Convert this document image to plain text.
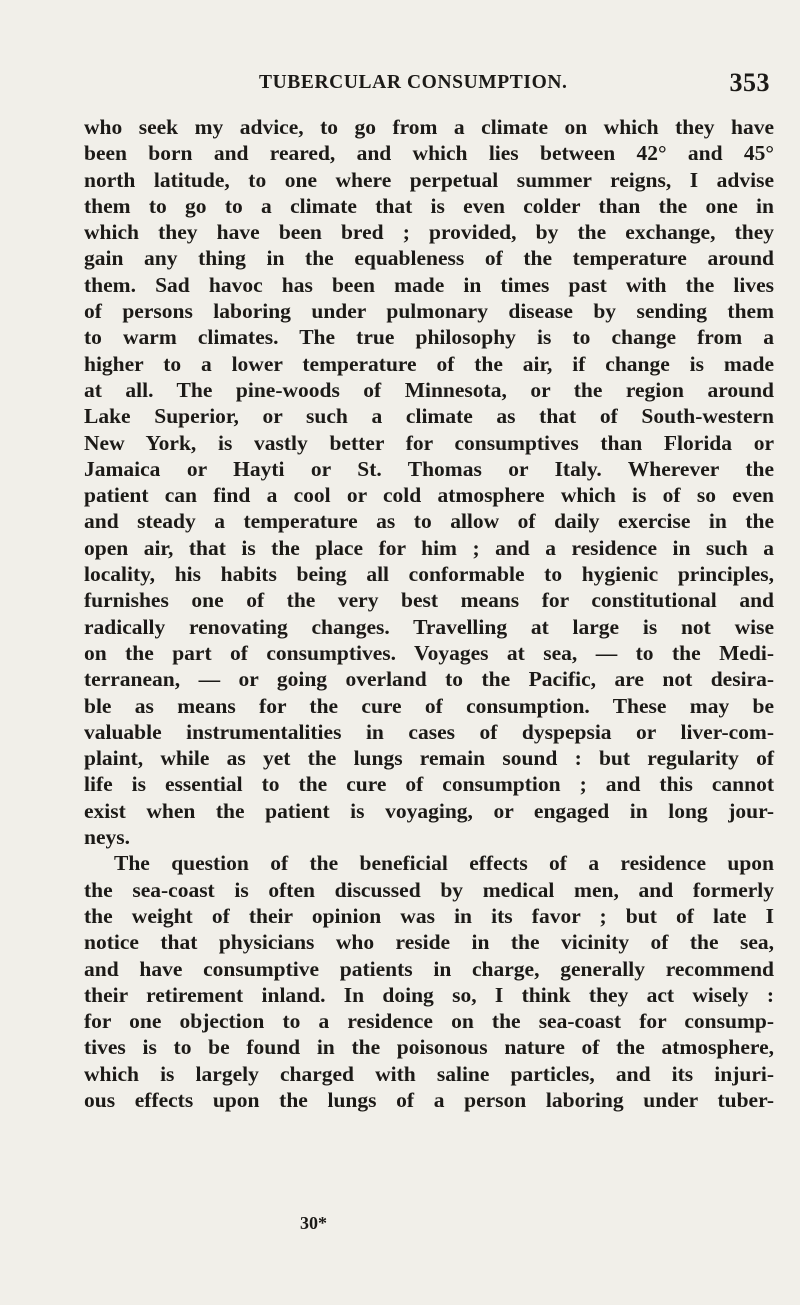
TUBERCULAR CONSUMPTION.	353
who seek my advice, to go from a climate on which they have
been born and reared, and which lies between 42° and 45°
north latitude, to one where perpetual summer reigns, I advise
them to go to a climate that is even colder than the one in
which they have been bred ; provided, by the exchange, they
gain any thing in the equableness of the temperature around
them. Sad havoc has been made in times past with the lives
of persons laboring under pulmonary disease by sending them
to warm climates. The true philosophy is to change from a
higher to a lower temperature of the air, if change is made
at all. The pine-woods of Minnesota, or the region around
Lake Superior, or such a climate as that of South-western
New York, is vastly better for consumptives than Florida or
Jamaica or Hayti or St. Thomas or Italy. Wherever the
patient can find a cool or cold atmosphere which is of so even
and steady a temperature as to allow of daily exercise in the
open air, that is the place for him ; and a residence in such a
locality, his habits being all conformable to hygienic principles,
furnishes one of the very best means for constitutional and
radically renovating changes. Travelling at large is not wise
on the part of consumptives. Voyages at sea, — to the Medi-
terranean, — or going overland to the Pacific, are not desira-
ble as means for the cure of consumption. These may be
valuable instrumentalities in cases of dyspepsia or liver-com-
plaint, while as yet the lungs remain sound : but regularity of
life is essential to the cure of consumption ; and this cannot
exist when the patient is voyaging, or engaged in long jour-
neys.
The question of the beneficial effects of a residence upon
the sea-coast is often discussed by medical men, and formerly
the weight of their opinion was in its favor ; but of late I
notice that physicians who reside in the vicinity of the sea,
and have consumptive patients in charge, generally recommend
their retirement inland. In doing so, I think they act wisely :
for one objection to a residence on the sea-coast for consump-
tives is to be found in the poisonous nature of the atmosphere,
which is largely charged with saline particles, and its injuri-
ous effects upon the lungs of a person laboring under tuber-
30*
